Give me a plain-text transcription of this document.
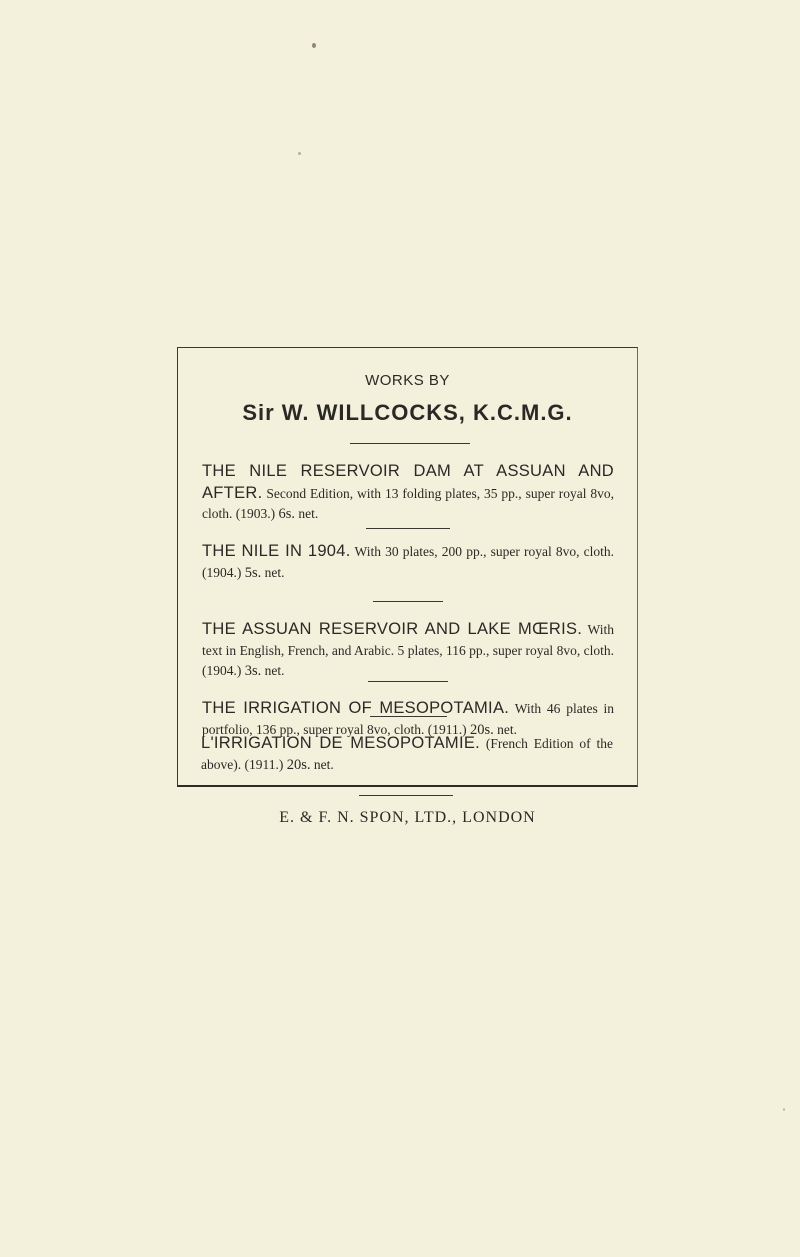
WORKS BY

Sir W. WILLCOCKS, K.C.M.G.

THE NILE RESERVOIR DAM AT ASSUAN AND AFTER. Second Edition, with 13 folding plates, 35 pp., super royal 8vo, cloth. (1903.) 6s. net.

THE NILE IN 1904. With 30 plates, 200 pp., super royal 8vo, cloth. (1904.) 5s. net.

THE ASSUAN RESERVOIR AND LAKE MŒRIS. With text in English, French, and Arabic. 5 plates, 116 pp., super royal 8vo, cloth. (1904.) 3s. net.

THE IRRIGATION OF MESOPOTAMIA. With 46 plates in portfolio, 136 pp., super royal 8vo, cloth. (1911.) 20s. net.

L'IRRIGATION DE MESOPOTAMIE. (French Edition of the above). (1911.) 20s. net.

E. & F. N. SPON, LTD., LONDON
